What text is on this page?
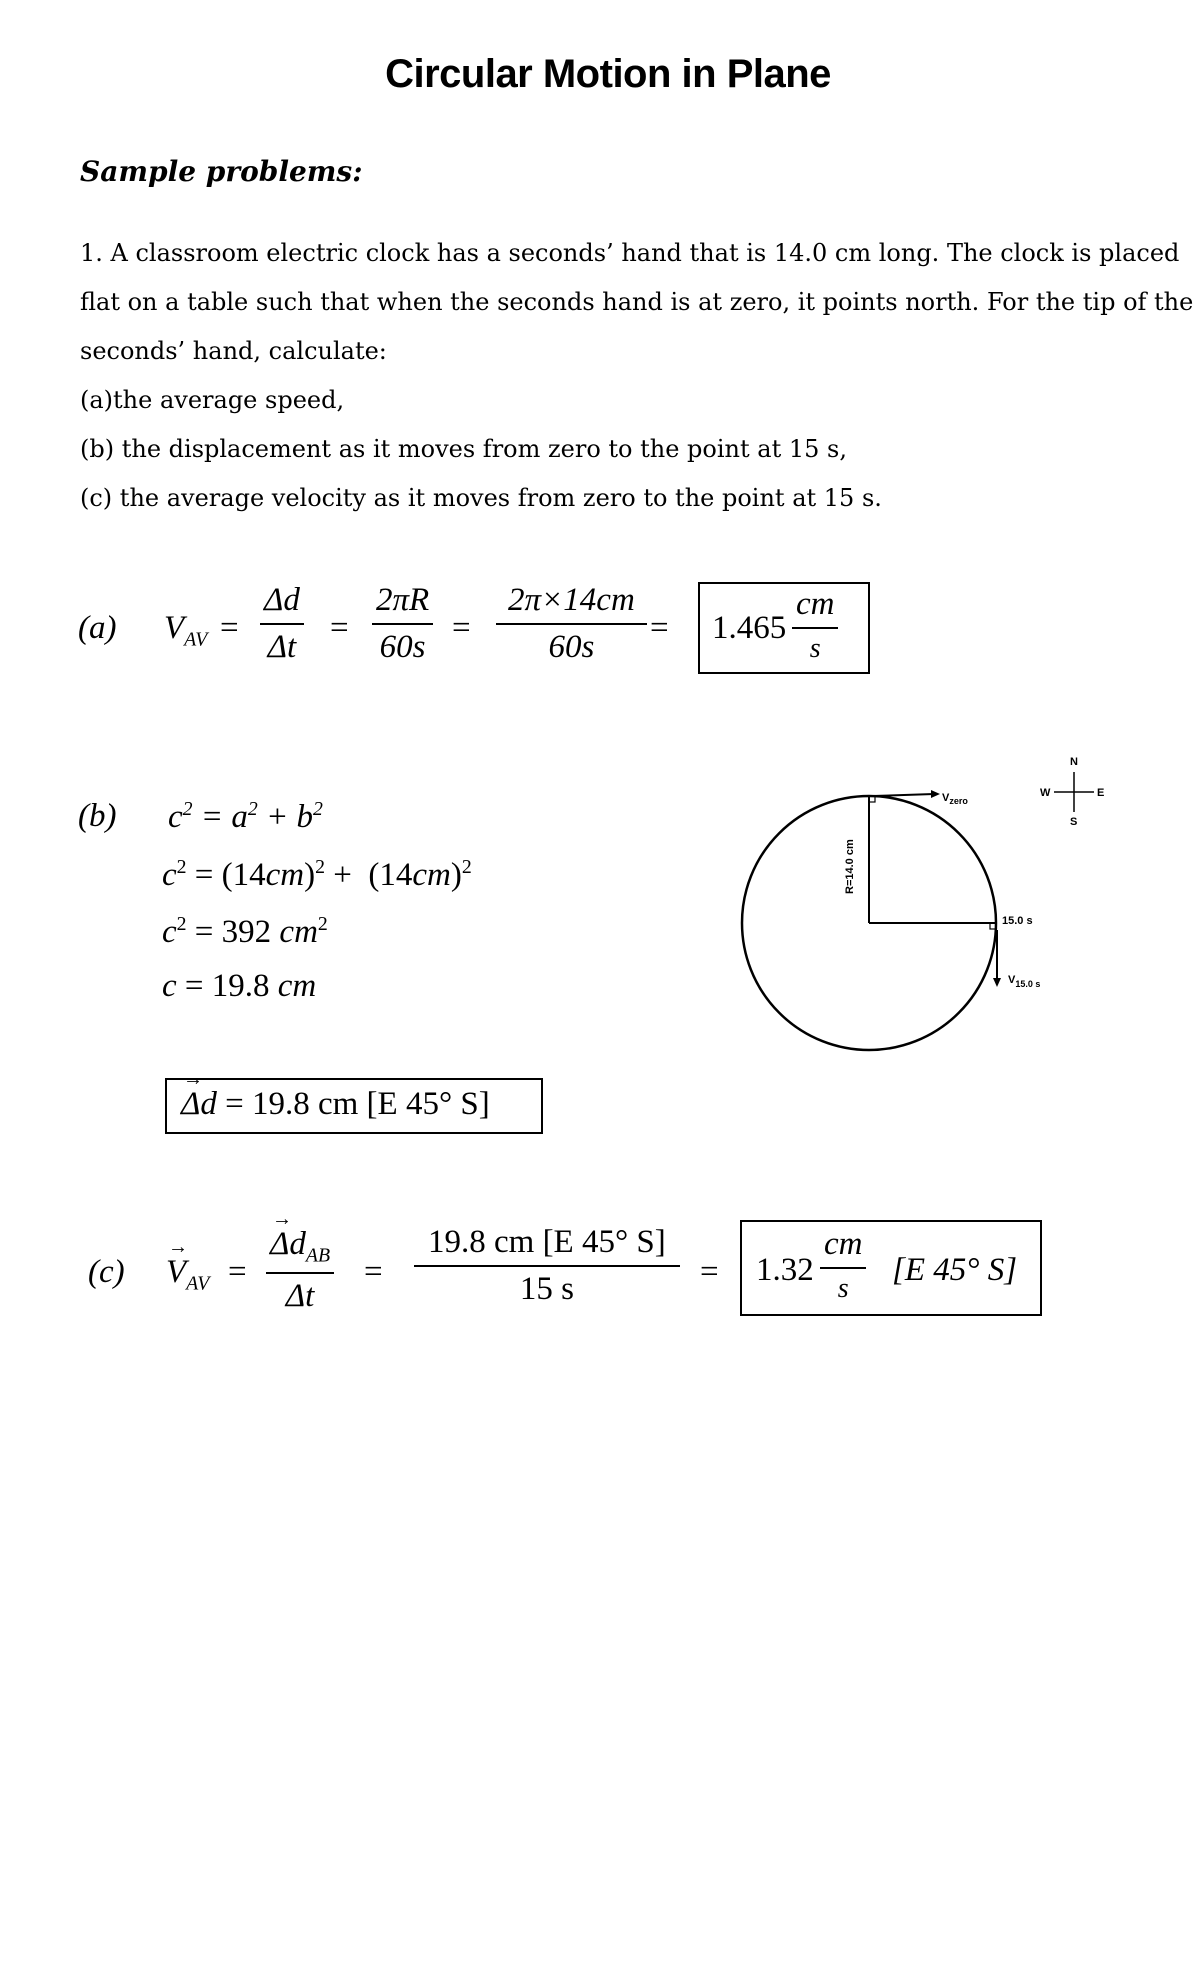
Circular Motion in Plane
Sample problems:
1. A classroom electric clock has a seconds’ hand that is 14.0 cm long. The clock is placed
flat on a table such that when the seconds hand is at zero, it points north. For the tip of the
seconds’ hand, calculate:
(a)the average speed,
(b) the displacement as it moves from zero to the point at 15 s,
(c) the average velocity as it moves from zero to the point at 15 s.
(a) $V_{AV} = \frac{\Delta d}{\Delta t} = \frac{2\pi R}{60s} = \frac{2\pi\times 14cm}{60s} = 1.465 \frac{cm}{s}$
(b) $c^2 = a^2 + b^2$
$c^2 = (14cm)^2 + (14cm)^2$
$c^2 = 392$ $cm^2$
c = 19.8 cm
→ Δd = 19.8 cm [E 45° S]
(c)
→ $V_{AV}$ =
→ $\Delta d_{AB}$
Δt
= $\frac{19.8 cm [E 45^\circ S]}{15 s} = 1.32 \frac{cm}{s} [E$ 45° S]
R=14.0 cm
$V_{zero}$
15.0 s
$V_{15.0 s}$
N
E
S
W
